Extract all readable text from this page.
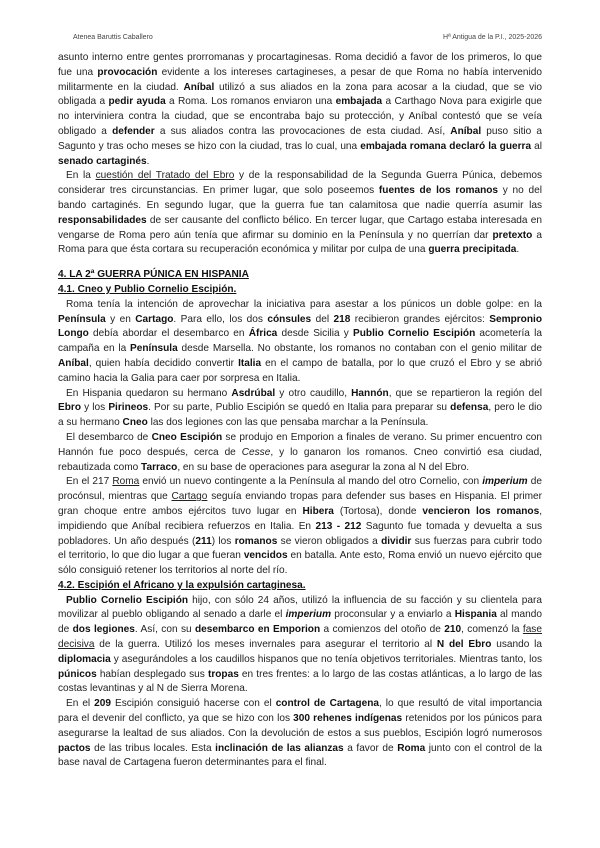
Atenea Baruttis Caballero	Hª Antigua de la P.I., 2025-2026

asunto interno entre gentes prorromanas y procartaginesas. Roma decidió a favor de los primeros, lo que fue una provocación evidente a los intereses cartagineses, a pesar de que Roma no había intervenido militarmente en la ciudad. Aníbal utilizó a sus aliados en la zona para acosar a la ciudad, que se vio obligada a pedir ayuda a Roma. Los romanos enviaron una embajada a Carthago Nova para exigirle que no interviniera contra la ciudad, que se encontraba bajo su protección, y Aníbal contestó que se veía obligado a defender a sus aliados contra las provocaciones de esta ciudad. Así, Aníbal puso sitio a Sagunto y tras ocho meses se hizo con la ciudad, tras lo cual, una embajada romana declaró la guerra al senado cartaginés.

En la cuestión del Tratado del Ebro y de la responsabilidad de la Segunda Guerra Púnica, debemos considerar tres circunstancias. En primer lugar, que solo poseemos fuentes de los romanos y no del bando cartaginés. En segundo lugar, que la guerra fue tan calamitosa que nadie querría asumir las responsabilidades de ser causante del conflicto bélico. En tercer lugar, que Cartago estaba interesada en vengarse de Roma pero aún tenía que afirmar su dominio en la Península y no querrían dar pretexto a Roma para que ésta cortara su recuperación económica y militar por culpa de una guerra precipitada.

4. LA 2ª GUERRA PÚNICA EN HISPANIA

4.1. Cneo y Publio Cornelio Escipión.

Roma tenía la intención de aprovechar la iniciativa para asestar a los púnicos un doble golpe: en la Península y en Cartago. Para ello, los dos cónsules del 218 recibieron grandes ejércitos: Sempronio Longo debía abordar el desembarco en África desde Sicilia y Publio Cornelio Escipión acometería la campaña en la Península desde Marsella. No obstante, los romanos no contaban con el genio militar de Aníbal, quien había decidido convertir Italia en el campo de batalla, por lo que cruzó el Ebro y se abrió camino hacia la Galia para caer por sorpresa en Italia.

En Hispania quedaron su hermano Asdrúbal y otro caudillo, Hannón, que se repartieron la región del Ebro y los Pirineos. Por su parte, Publio Escipión se quedó en Italia para preparar su defensa, pero le dio a su hermano Cneo las dos legiones con las que pensaba marchar a la Península.

El desembarco de Cneo Escipión se produjo en Emporion a finales de verano. Su primer encuentro con Hannón fue poco después, cerca de Cesse, y lo ganaron los romanos. Cneo convirtió esa ciudad, rebautizada como Tarraco, en su base de operaciones para asegurar la zona al N del Ebro.

En el 217 Roma envió un nuevo contingente a la Península al mando del otro Cornelio, con imperium de procónsul, mientras que Cartago seguía enviando tropas para defender sus bases en Hispania. El primer gran choque entre ambos ejércitos tuvo lugar en Hibera (Tortosa), donde vencieron los romanos, impidiendo que Aníbal recibiera refuerzos en Italia. En 213 - 212 Sagunto fue tomada y devuelta a sus pobladores. Un año después (211) los romanos se vieron obligados a dividir sus fuerzas para cubrir todo el territorio, lo que dio lugar a que fueran vencidos en batalla. Ante esto, Roma envió un nuevo ejército que sólo consiguió retener los territorios al norte del río.

4.2. Escipión el Africano y la expulsión cartaginesa.

Publio Cornelio Escipión hijo, con sólo 24 años, utilizó la influencia de su facción y su clientela para movilizar al pueblo obligando al senado a darle el imperium proconsular y a enviarlo a Hispania al mando de dos legiones. Así, con su desembarco en Emporion a comienzos del otoño de 210, comenzó la fase decisiva de la guerra. Utilizó los meses invernales para asegurar el territorio al N del Ebro usando la diplomacia y asegurándoles a los caudillos hispanos que no tenía objetivos territoriales. Mientras tanto, los púnicos habían desplegado sus tropas en tres frentes: a lo largo de las costas atlánticas, a lo largo de las costas levantinas y al N de Sierra Morena.

En el 209 Escipión consiguió hacerse con el control de Cartagena, lo que resultó de vital importancia para el devenir del conflicto, ya que se hizo con los 300 rehenes indígenas retenidos por los púnicos para asegurarse la lealtad de sus aliados. Con la devolución de estos a sus pueblos, Escipión logró numerosos pactos de las tribus locales. Esta inclinación de las alianzas a favor de Roma junto con el control de la base naval de Cartagena fueron determinantes para el final.
